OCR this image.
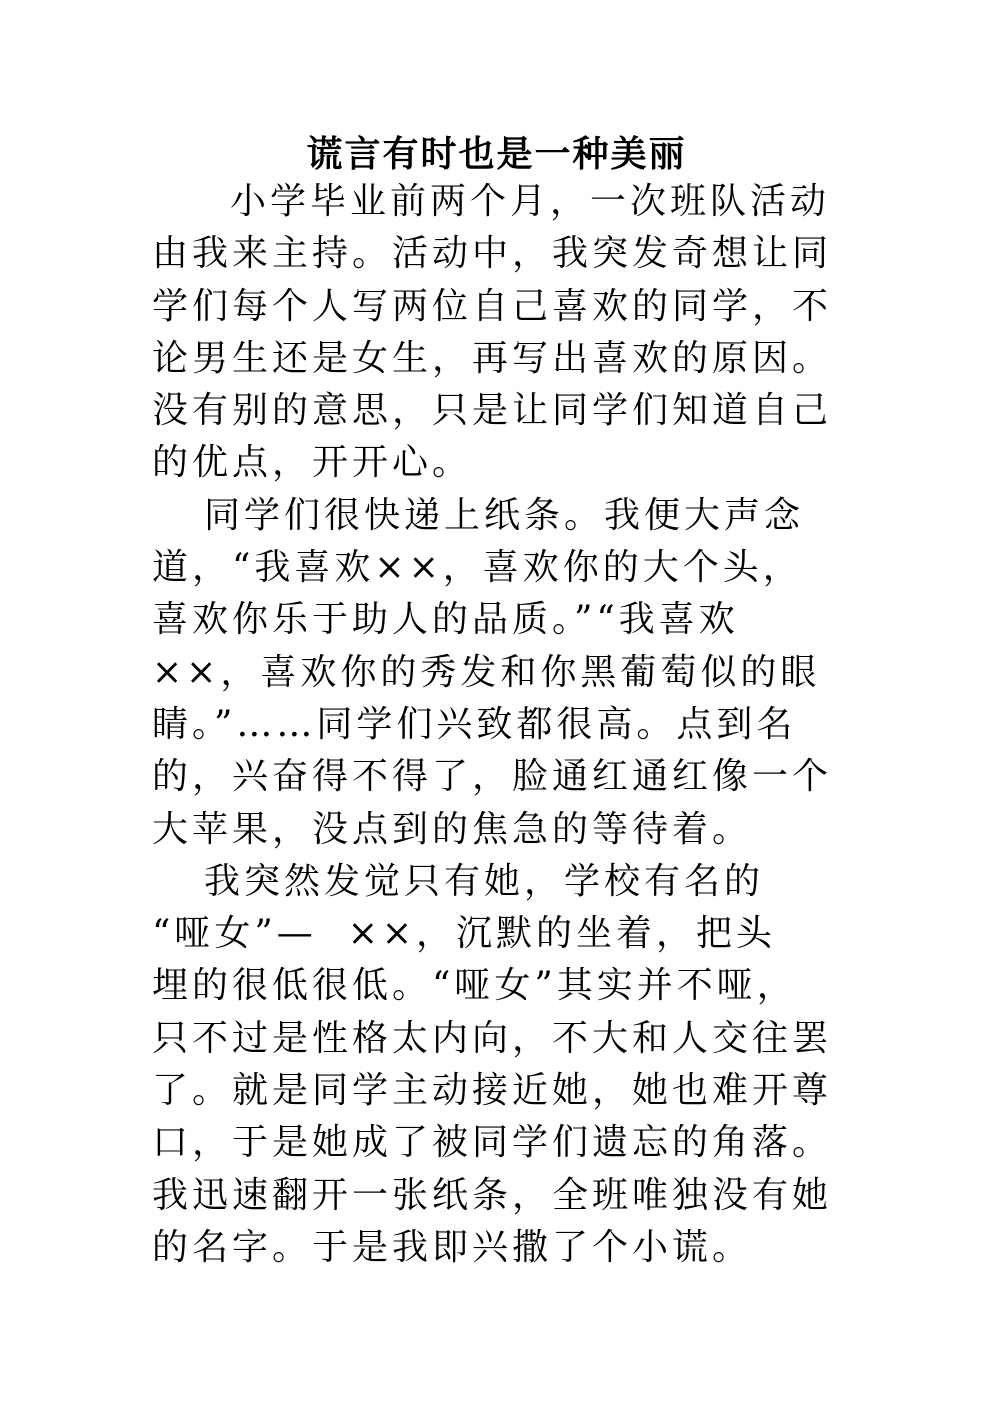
谎言有时也是一种美丽
小学毕业前两个月，一次班队活动
由我来主持。活动中，我突发奇想让同
学们每个人写两位自己喜欢的同学，不
论男生还是女生，再写出喜欢的原因。
没有别的意思，只是让同学们知道自己
的优点，开开心。
同学们很快递上纸条。我便大声念
道，“我喜欢××，喜欢你的大个头，
喜欢你乐于助人的品质。”“我喜欢
××，喜欢你的秀发和你黑葡萄似的眼
睛。”……同学们兴致都很高。点到名
的，兴奋得不得了，脸通红通红像一个
大苹果，没点到的焦急的等待着。
我突然发觉只有她，学校有名的
“哑女”—  ××，沉默的坐着，把头
埋的很低很低。“哑女”其实并不哑，
只不过是性格太内向，不大和人交往罢
了。就是同学主动接近她，她也难开尊
口，于是她成了被同学们遗忘的角落。
我迅速翻开一张纸条，全班唯独没有她
的名字。于是我即兴撒了个小谎。
